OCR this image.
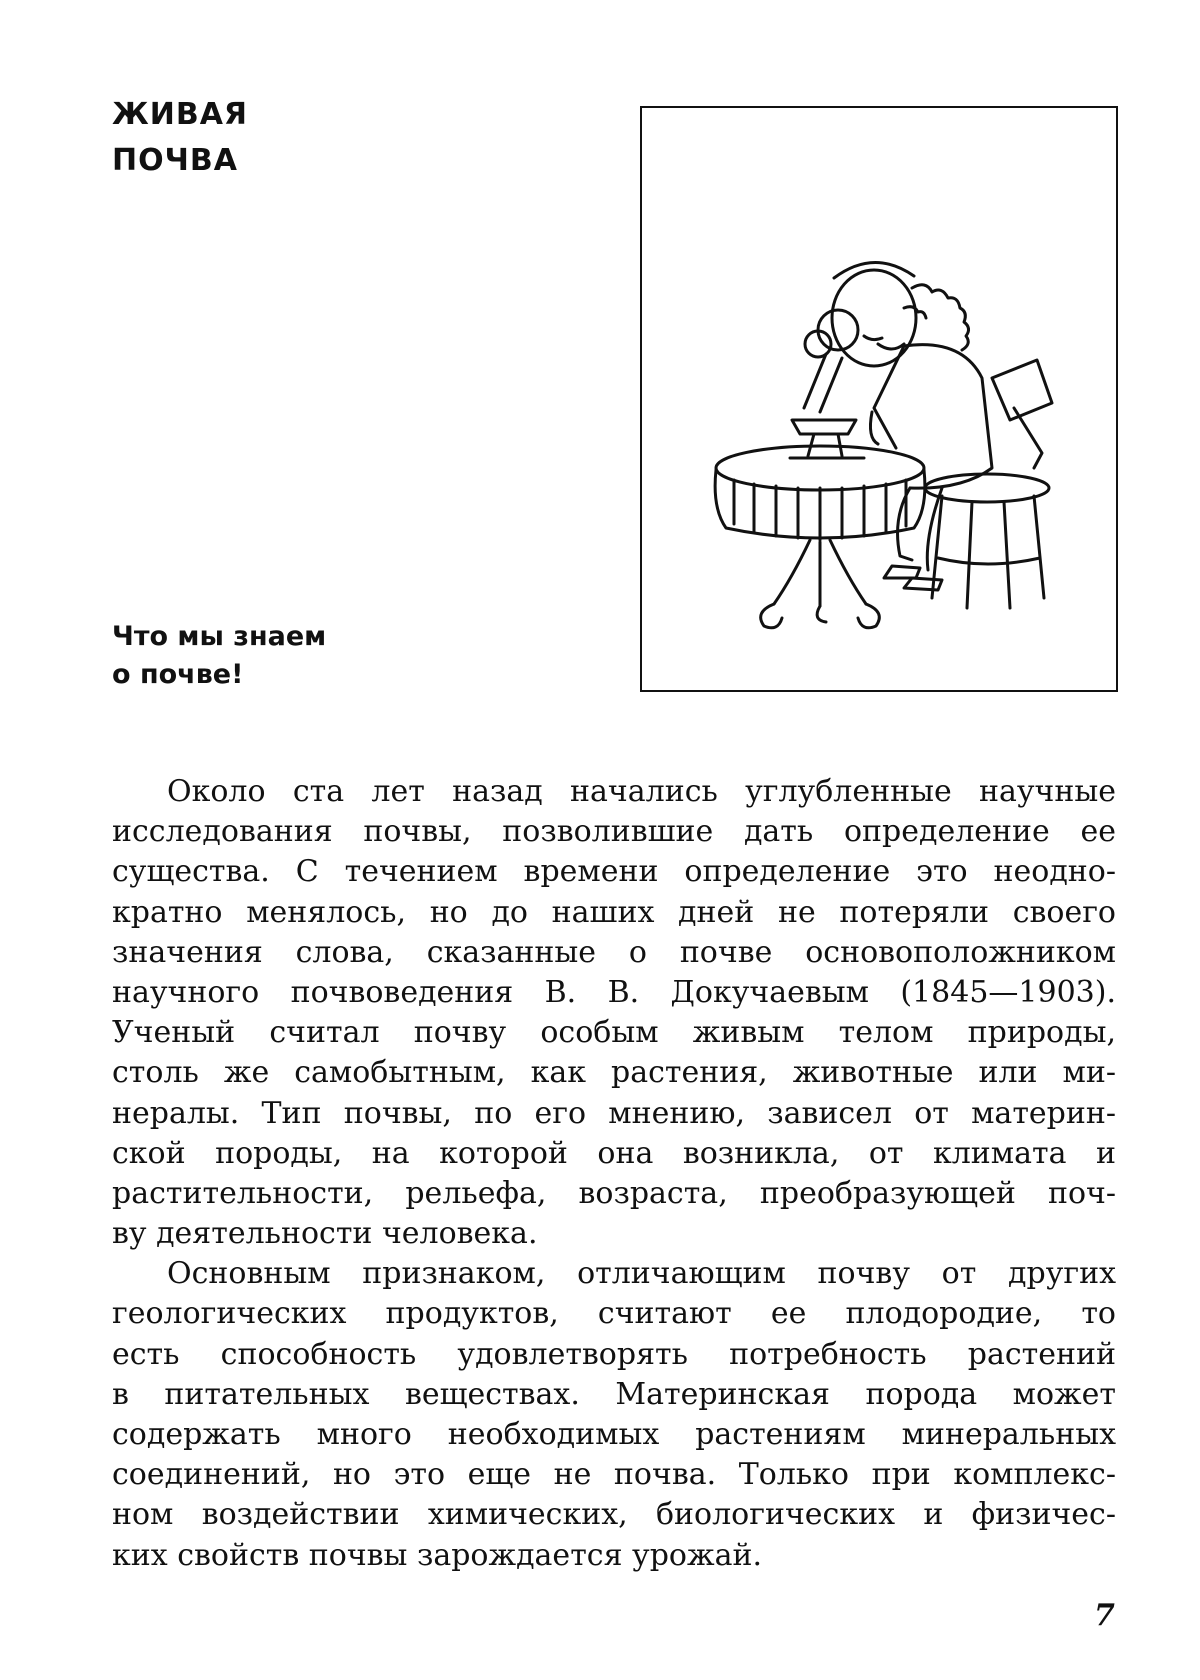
ЖИВАЯ
ПОЧВА
Что мы знаем
о почве!
Около ста лет назад начались углубленные научные
исследования почвы, позволившие дать определение ее
существа. С течением времени определение это неодно-
кратно менялось, но до наших дней не потеряли своего
значения слова, сказанные о почве основоположником
научного почвоведения В. В. Докучаевым (1845—1903).
Ученый считал почву особым живым телом природы,
столь же самобытным, как растения, животные или ми-
нералы. Тип почвы, по его мнению, зависел от материн-
ской породы, на которой она возникла, от климата и
растительности, рельефа, возраста, преобразующей поч-
ву деятельности человека.
Основным признаком, отличающим почву от других
геологических продуктов, считают ее плодородие, то
есть способность удовлетворять потребность растений
в питательных веществах. Материнская порода может
содержать много необходимых растениям минеральных
соединений, но это еще не почва. Только при комплекс-
ном воздействии химических, биологических и физичес-
ких свойств почвы зарождается урожай.
7
